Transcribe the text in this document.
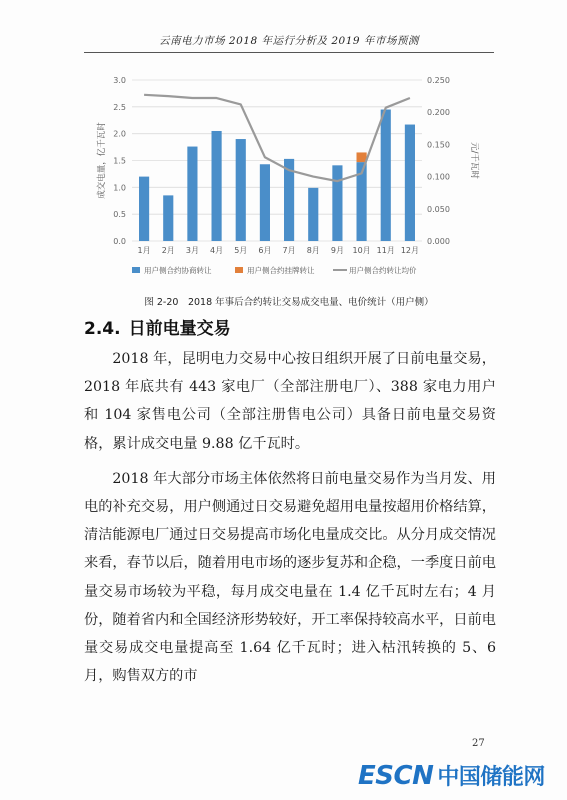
云南电力市场 2018 年运行分析及 2019 年市场预测
0.0
0.5
1.0
1.5
2.0
2.5
3.0
0.000
0.050
0.100
0.150
0.200
0.250
成交电量，亿千瓦时	元/千瓦时
1月 2月 3月 4月 5月 6月 7月 8月 9月 10月 11月 12月
用户侧合约协商转让	用户侧合约挂牌转让	用户侧合约转让均价
图 2-20　2018 年事后合约转让交易成交电量、电价统计（用户侧）
2.4. 日前电量交易

2018 年，昆明电力交易中心按日组织开展了日前电量交易，2018 年底共有 443 家电厂（全部注册电厂）、388 家电力用户和 104 家售电公司（全部注册售电公司）具备日前电量交易资格，累计成交电量 9.88 亿千瓦时。

2018 年大部分市场主体依然将日前电量交易作为当月发、用电的补充交易，用户侧通过日交易避免超用电量按超用价格结算，清洁能源电厂通过日交易提高市场化电量成交比。从分月成交情况来看，春节以后，随着用电市场的逐步复苏和企稳，一季度日前电量交易市场较为平稳，每月成交电量在 1.4 亿千瓦时左右；4 月份，随着省内和全国经济形势较好，开工率保持较高水平，日前电量交易成交电量提高至 1.64 亿千瓦时；进入枯汛转换的 5、6 月，购售双方的市

27
ESCN 中国储能网
